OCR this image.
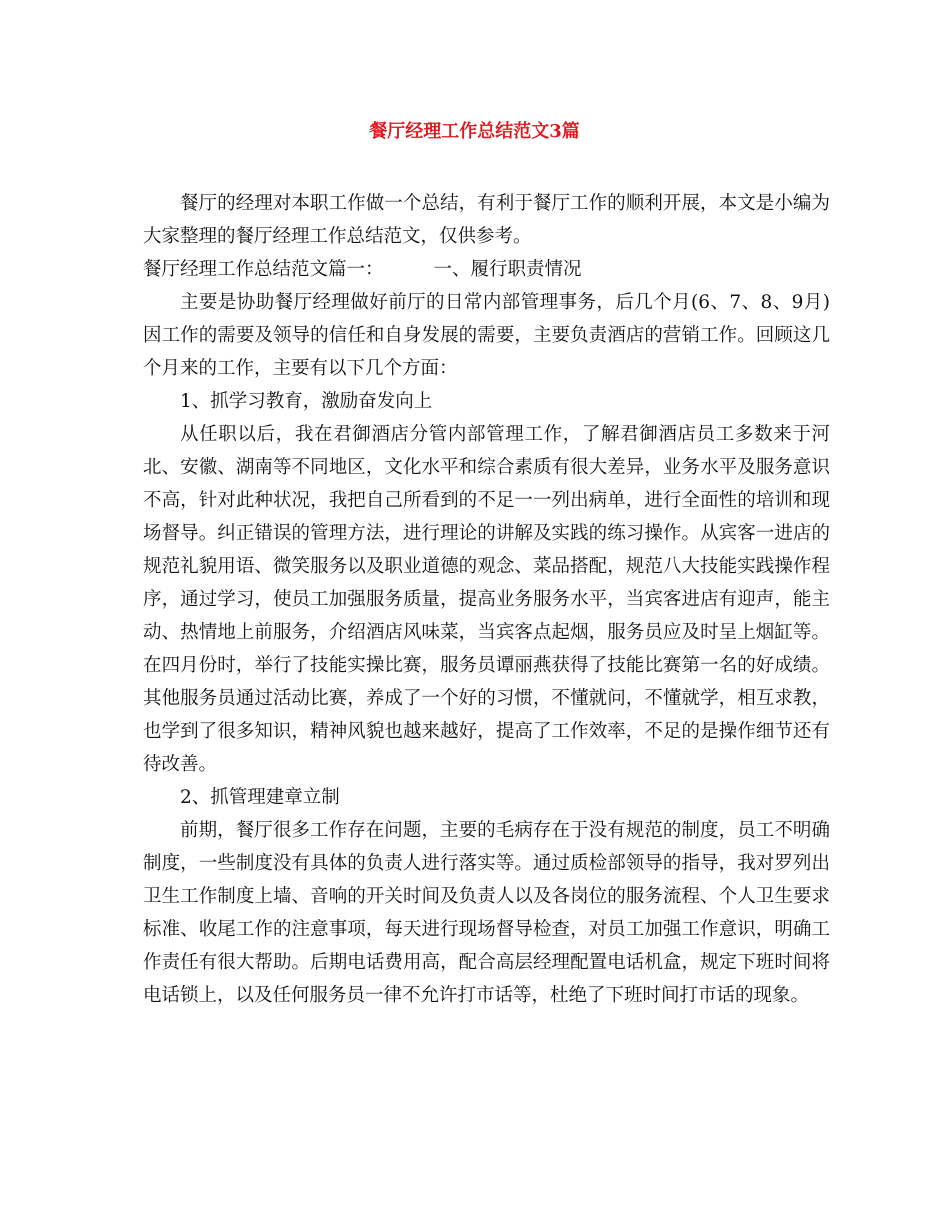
餐厅经理工作总结范文3篇

餐厅的经理对本职工作做一个总结，有利于餐厅工作的顺利开展，本文是小编为大家整理的餐厅经理工作总结范文，仅供参考。

餐厅经理工作总结范文篇一：	一、履行职责情况

主要是协助餐厅经理做好前厅的日常内部管理事务，后几个月(6、7、8、9月)因工作的需要及领导的信任和自身发展的需要，主要负责酒店的营销工作。回顾这几个月来的工作，主要有以下几个方面：

1、抓学习教育，激励奋发向上

从任职以后，我在君御酒店分管内部管理工作，了解君御酒店员工多数来于河北、安徽、湖南等不同地区，文化水平和综合素质有很大差异，业务水平及服务意识不高，针对此种状况，我把自己所看到的不足一一列出病单，进行全面性的培训和现场督导。纠正错误的管理方法，进行理论的讲解及实践的练习操作。从宾客一进店的规范礼貌用语、微笑服务以及职业道德的观念、菜品搭配，规范八大技能实践操作程序，通过学习，使员工加强服务质量，提高业务服务水平，当宾客进店有迎声，能主动、热情地上前服务，介绍酒店风味菜，当宾客点起烟，服务员应及时呈上烟缸等。在四月份时，举行了技能实操比赛，服务员谭丽燕获得了技能比赛第一名的好成绩。其他服务员通过活动比赛，养成了一个好的习惯，不懂就问，不懂就学，相互求教，也学到了很多知识，精神风貌也越来越好，提高了工作效率，不足的是操作细节还有待改善。

2、抓管理建章立制

前期，餐厅很多工作存在问题，主要的毛病存在于没有规范的制度，员工不明确制度，一些制度没有具体的负责人进行落实等。通过质检部领导的指导，我对罗列出卫生工作制度上墙、音响的开关时间及负责人以及各岗位的服务流程、个人卫生要求标准、收尾工作的注意事项，每天进行现场督导检查，对员工加强工作意识，明确工作责任有很大帮助。后期电话费用高，配合高层经理配置电话机盒，规定下班时间将电话锁上，以及任何服务员一律不允许打市话等，杜绝了下班时间打市话的现象。
